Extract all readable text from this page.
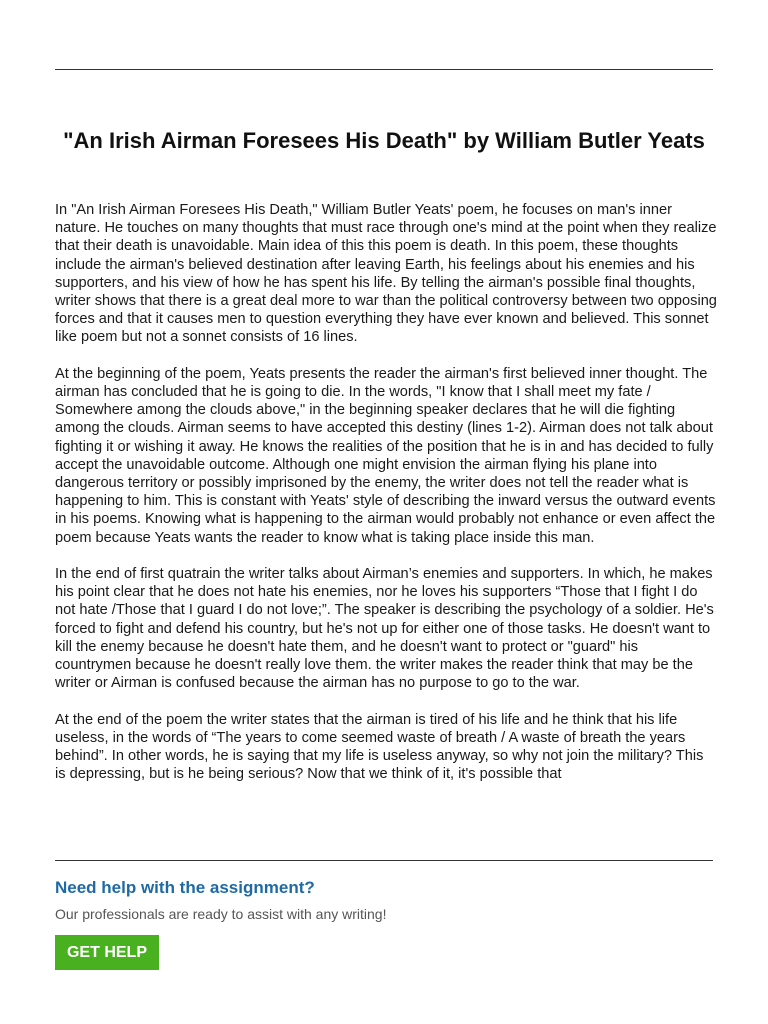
"An Irish Airman Foresees His Death" by William Butler Yeats

In "An Irish Airman Foresees His Death," William Butler Yeats' poem, he focuses on man's inner nature. He touches on many thoughts that must race through one's mind at the point when they realize that their death is unavoidable. Main idea of this this poem is death. In this poem, these thoughts include the airman's believed destination after leaving Earth, his feelings about his enemies and his supporters, and his view of how he has spent his life. By telling the airman's possible final thoughts, writer shows that there is a great deal more to war than the political controversy between two opposing forces and that it causes men to question everything they have ever known and believed. This sonnet like poem but not a sonnet consists of 16 lines.

At the beginning of the poem, Yeats presents the reader the airman's first believed inner thought. The airman has concluded that he is going to die. In the words, "I know that I shall meet my fate / Somewhere among the clouds above," in the beginning speaker declares that he will die fighting among the clouds. Airman seems to have accepted this destiny (lines 1-2). Airman does not talk about fighting it or wishing it away. He knows the realities of the position that he is in and has decided to fully accept the unavoidable outcome. Although one might envision the airman flying his plane into dangerous territory or possibly imprisoned by the enemy, the writer does not tell the reader what is happening to him. This is constant with Yeats' style of describing the inward versus the outward events in his poems. Knowing what is happening to the airman would probably not enhance or even affect the poem because Yeats wants the reader to know what is taking place inside this man.

In the end of first quatrain the writer talks about Airman’s enemies and supporters. In which, he makes his point clear that he does not hate his enemies, nor he loves his supporters “Those that I fight I do not hate /Those that I guard I do not love;”. The speaker is describing the psychology of a soldier. He's forced to fight and defend his country, but he's not up for either one of those tasks. He doesn't want to kill the enemy because he doesn't hate them, and he doesn't want to protect or "guard" his countrymen because he doesn't really love them. the writer makes the reader think that may be the writer or Airman is confused because the airman has no purpose to go to the war.

At the end of the poem the writer states that the airman is tired of his life and he think that his life useless, in the words of “The years to come seemed waste of breath / A waste of breath the years behind”. In other words, he is saying that my life is useless anyway, so why not join the military? This is depressing, but is he being serious? Now that we think of it, it's possible that

Need help with the assignment?

Our professionals are ready to assist with any writing!

GET HELP
